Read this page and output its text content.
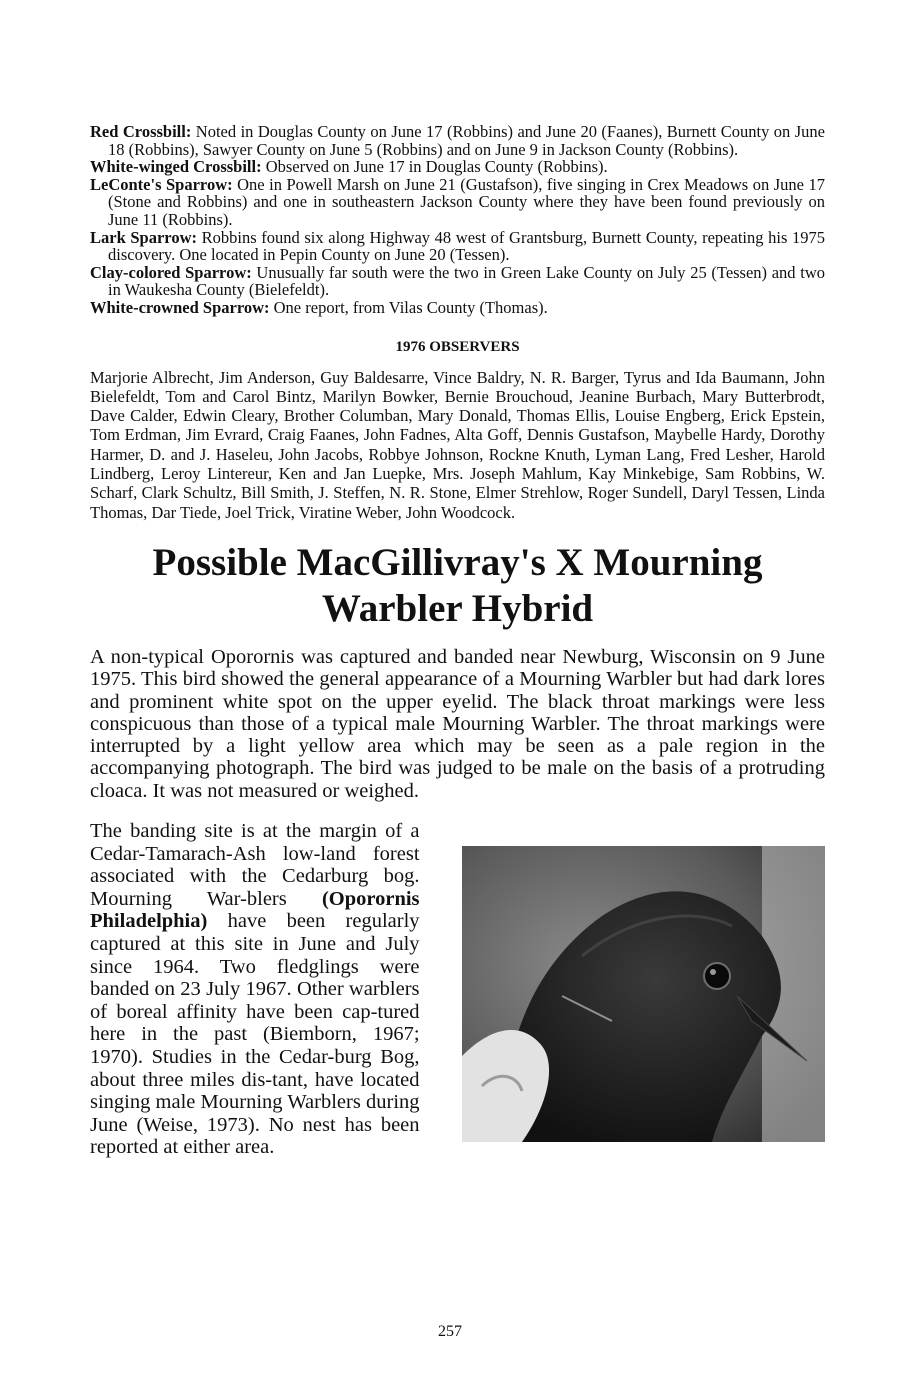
Red Crossbill: Noted in Douglas County on June 17 (Robbins) and June 20 (Faanes), Burnett County on June 18 (Robbins), Sawyer County on June 5 (Robbins) and on June 9 in Jackson County (Robbins).

White-winged Crossbill: Observed on June 17 in Douglas County (Robbins).

LeConte's Sparrow: One in Powell Marsh on June 21 (Gustafson), five singing in Crex Meadows on June 17 (Stone and Robbins) and one in southeastern Jackson County where they have been found previously on June 11 (Robbins).

Lark Sparrow: Robbins found six along Highway 48 west of Grantsburg, Burnett County, repeating his 1975 discovery. One located in Pepin County on June 20 (Tessen).

Clay-colored Sparrow: Unusually far south were the two in Green Lake County on July 25 (Tessen) and two in Waukesha County (Bielefeldt).

White-crowned Sparrow: One report, from Vilas County (Thomas).

1976 OBSERVERS

Marjorie Albrecht, Jim Anderson, Guy Baldesarre, Vince Baldry, N. R. Barger, Tyrus and Ida Baumann, John Bielefeldt, Tom and Carol Bintz, Marilyn Bowker, Bernie Brouchoud, Jeanine Burbach, Mary Butterbrodt, Dave Calder, Edwin Cleary, Brother Columban, Mary Donald, Thomas Ellis, Louise Engberg, Erick Epstein, Tom Erdman, Jim Evrard, Craig Faanes, John Fadnes, Alta Goff, Dennis Gustafson, Maybelle Hardy, Dorothy Harmer, D. and J. Haseleu, John Jacobs, Robbye Johnson, Rockne Knuth, Lyman Lang, Fred Lesher, Harold Lindberg, Leroy Lintereur, Ken and Jan Luepke, Mrs. Joseph Mahlum, Kay Minkebige, Sam Robbins, W. Scharf, Clark Schultz, Bill Smith, J. Steffen, N. R. Stone, Elmer Strehlow, Roger Sundell, Daryl Tessen, Linda Thomas, Dar Tiede, Joel Trick, Viratine Weber, John Woodcock.

Possible MacGillivray's X Mourning
Warbler Hybrid

A non-typical Oporornis was captured and banded near Newburg, Wisconsin on 9 June 1975. This bird showed the general appearance of a Mourning Warbler but had dark lores and prominent white spot on the upper eyelid. The black throat markings were less conspicuous than those of a typical male Mourning Warbler. The throat markings were interrupted by a light yellow area which may be seen as a pale region in the accompanying photograph. The bird was judged to be male on the basis of a protruding cloaca. It was not measured or weighed.

The banding site is at the margin of a Cedar-Tamarach-Ash low-land forest associated with the Cedarburg bog. Mourning War-blers (Oporornis Philadelphia) have been regularly captured at this site in June and July since 1964. Two fledglings were banded on 23 July 1967. Other warblers of boreal affinity have been cap-tured here in the past (Biemborn, 1967; 1970). Studies in the Cedar-burg Bog, about three miles dis-tant, have located singing male Mourning Warblers during June (Weise, 1973). No nest has been reported at either area.

257
